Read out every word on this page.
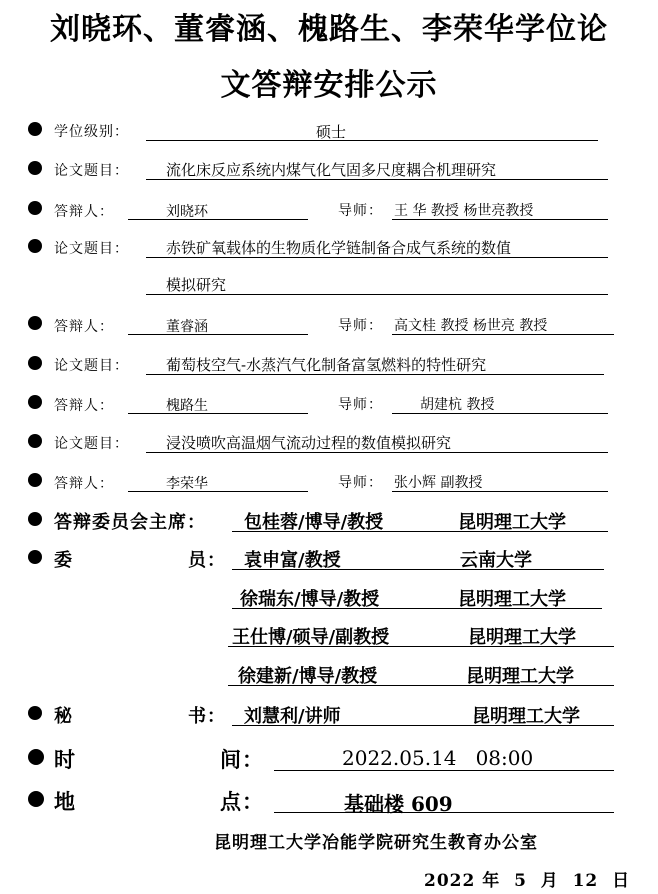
刘晓环、董睿涵、槐路生、李荣华学位论
文答辩安排公示
学位级别：	硕士
论文题目： 流化床反应系统内煤气化气固多尺度耦合机理研究
答辩人：	刘晓环	导师： 王 华 教授 杨世亮教授
论文题目： 赤铁矿氧载体的生物质化学链制备合成气系统的数值
模拟研究
答辩人：	董睿涵	导师： 高文桂 教授 杨世亮 教授
论文题目： 葡萄枝空气-水蒸汽气化制备富氢燃料的特性研究
答辩人：	槐路生	导师：	胡建杭 教授
论文题目： 浸没喷吹高温烟气流动过程的数值模拟研究
答辩人：	李荣华	导师： 张小辉 副教授
答辩委员会主席： 包桂蓉/博导/教授	昆明理工大学
委	员： 袁申富/教授	云南大学
徐瑞东/博导/教授	昆明理工大学
王仕博/硕导/副教授	昆明理工大学
徐建新/博导/教授	昆明理工大学
秘	书： 刘慧利/讲师	昆明理工大学
时	间：	2022.05.14   08:00
地	点：	基础楼 609
昆明理工大学冶能学院研究生教育办公室
2022 年  5  月  12  日
